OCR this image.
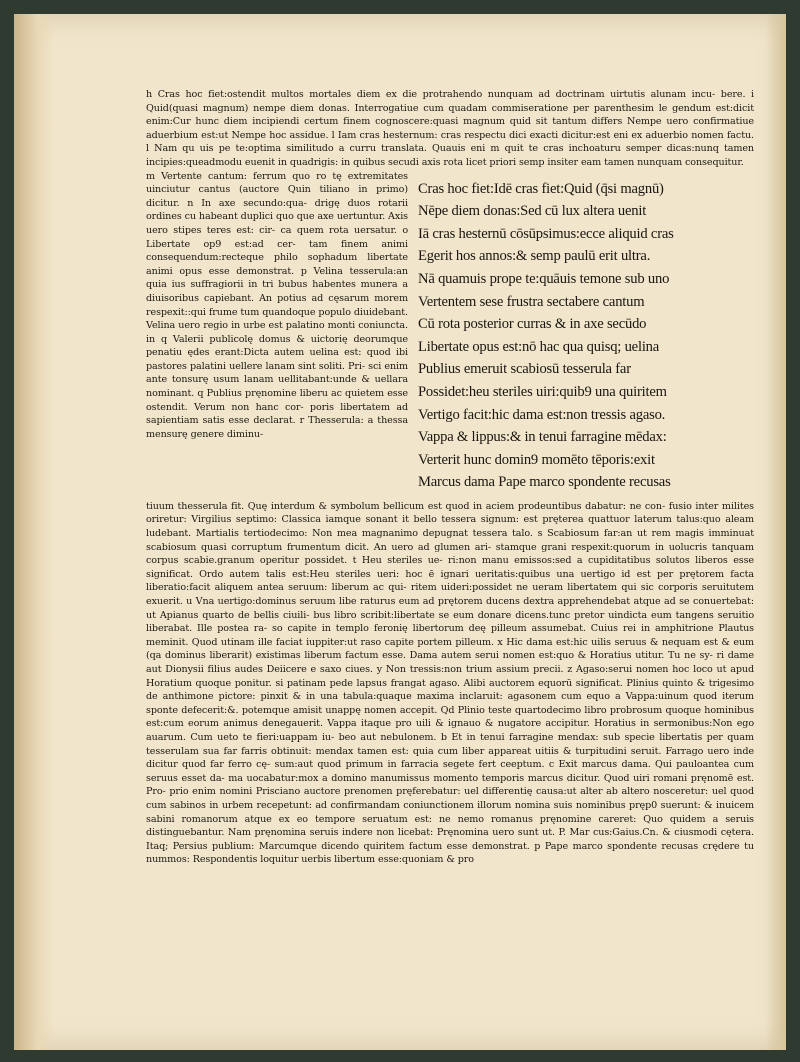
h Cras hoc fiet:ostendit multos mortales diem ex die protrahendo nunquam ad doctrinam uirtutis alunam incu- bere. i Quid(quasi magnum) nempe diem donas. Interrogatiue cum quadam commiseratione per parenthesim le gendum est:dicit enim:Cur hunc diem incipiendi certum finem cognoscere:quasi magnum quid sit tantum differs Nempe uero confirmatiue aduerbium est:ut Nempe hoc assidue. l Iam cras hesternum: cras respectu dici exacti dicitur:est eni ex aduerbio nomen factu. l Nam qu uis pe te:optima similitudo a curru translata. Quauis eni m quit te cras inchoaturu semper dicas:nunq tamen incipies:queadmodu euenit in quadrigis: in quibus secudi axis rota licet priori semp insiter eam tamen nunquam consequitur.

Cras hoc fiet:Idē cras fiet:Quid (q̄si magnū)
Nēpe diem donas:Sed cū lux altera uenit
Iā cras hesternū cōsūpsimus:ecce aliquid cras
Egerit hos annos:& semp paulū erit ultra.
Nā quamuis prope te:quāuis temone sub uno
Vertentem sese frustra sectabere cantum
Cū rota posterior curras & in axe secūdo
Libertate opus est:nō hac qua quisq; uelina
Publius emeruit scabiosū tesserula far
Possidet:heu steriles uiri:quib9 una quiritem
Vertigo facit:hic dama est:non tressis agaso.
Vappa & lippus:& in tenui farragine mēdax:
Verterit hunc domin9 momēto tēporis:exit
Marcus dama Pape marco spondente recusas

m Vertente cantum: ferrum quo ro tę extremitates uinciutur cantus (auctore Quin tiliano in primo) dicitur. n In axe secundo:qua- drigę duos rotarii ordines cu habeant duplici quo que axe uertuntur. Axis uero stipes teres est: cir- ca quem rota uersatur. o Libertate op9 est:ad cer- tam finem animi consequendum:recteque philo sophadum libertate animi opus esse demonstrat. p Velina tesserula:an quia ius suffragiorii in tri bubus habentes munera a diuisoribus capiebant. An potius ad cęsarum morem respexit::qui frume tum quandoque populo diuidebant. Velina uero regio in urbe est palatino monti coniuncta. in q Valerii publicolę domus & uictorię deorumque penatiu ędes erant:Dicta autem uelina est: quod ibi pastores palatini uellere lanam sint soliti. Pri- sci enim ante tonsurę usum lanam uellitabant:unde & uellara nominant. q Publius pręnomine liberu ac quietem esse ostendit. Verum non hanc cor- poris libertatem ad sapientiam satis esse declarat. r Thesserula: a thessa mensurę genere diminu-

tiuum thesserula fit. Quę interdum & symbolum bellicum est quod in aciem prodeuntibus dabatur: ne con- fusio inter milites oriretur: Virgilius septimo: Classica iamque sonant it bello tessera signum: est pręterea quattuor laterum talus:quo aleam ludebant. Martialis tertiodecimo: Non mea magnanimo depugnat tessera talo. s Scabiosum far:an ut rem magis imminuat scabiosum quasi corruptum frumentum dicit. An uero ad glumen ari- stamque grani respexit:quorum in uolucris tanquam corpus scabie.granum operitur possidet. t Heu steriles ue- ri:non manu emissos:sed a cupiditatibus solutos liberos esse significat. Ordo autem talis est:Heu steriles ueri: hoc ē ignari ueritatis:quibus una uertigo id est per prętorem facta liberatio:facit aliquem antea seruum: liberum ac qui- ritem uideri:possidet ne ueram libertatem qui sic corporis seruitutem exuerit. u Vna uertigo:dominus seruum libe raturus eum ad prętorem ducens dextra apprehendebat atque ad se conuertebat: ut Apianus quarto de bellis ciuili- bus libro scribit:libertate se eum donare dicens.tunc pretor uindicta eum tangens seruitio liberabat. Ille postea ra- so capite in templo feronię libertorum deę pilleum assumebat. Cuius rei in amphitrione Plautus meminit. Quod utinam ille faciat iuppiter:ut raso capite portem pilleum. x Hic dama est:hic uilis seruus & nequam est & eum (qa dominus liberarit) existimas liberum factum esse. Dama autem serui nomen est:quo & Horatius utitur. Tu ne sy- ri dame aut Dionysii filius audes Deiicere e saxo ciues. y Non tressis:non trium assium precii. z Agaso:serui nomen hoc loco ut apud Horatium quoque ponitur. si patinam pede lapsus frangat agaso. Alibi auctorem equorū significat. Plinius quinto & trigesimo de anthimone pictore: pinxit & in una tabula:quaque maxima inclaruit: agasonem cum equo a Vappa:uinum quod iterum sponte defecerit:&. potemque amisit unappę nomen accepit. Qd Plinio teste quartodecimo libro probrosum quoque hominibus est:cum eorum animus denegauerit. Vappa itaque pro uili & ignauo & nugatore accipitur. Horatius in sermonibus:Non ego auarum. Cum ueto te fieri:uappam iu- beo aut nebulonem. b Et in tenui farragine mendax: sub specie libertatis per quam tesserulam sua far farris obtinuit: mendax tamen est: quia cum liber appareat uitiis & turpitudini seruit. Farrago uero inde dicitur quod far ferro cę- sum:aut quod primum in farracia segete fert ceeptum. c Exit marcus dama. Qui pauloantea cum seruus esset da- ma uocabatur:mox a domino manumissus momento temporis marcus dicitur. Quod uiri romani pręnomē est. Pro- prio enim nomini Prisciano auctore prenomen pręferebatur: uel differentię causa:ut alter ab altero nosceretur: uel quod cum sabinos in urbem recepetunt: ad confirmandam coniunctionem illorum nomina suis nominibus pręp0 suerunt: & inuicem sabini romanorum atque ex eo tempore seruatum est: ne nemo romanus pręnomine careret: Quo quidem a seruis distinguebantur. Nam pręnomina seruis indere non licebat: Pręnomina uero sunt ut. P. Mar cus:Gaius.Cn. & ciusmodi cętera. Itaq; Persius publium: Marcumque dicendo quiritem factum esse demonstrat. p Pape marco spondente recusas crędere tu nummos: Respondentis loquitur uerbis libertum esse:quoniam & pro
